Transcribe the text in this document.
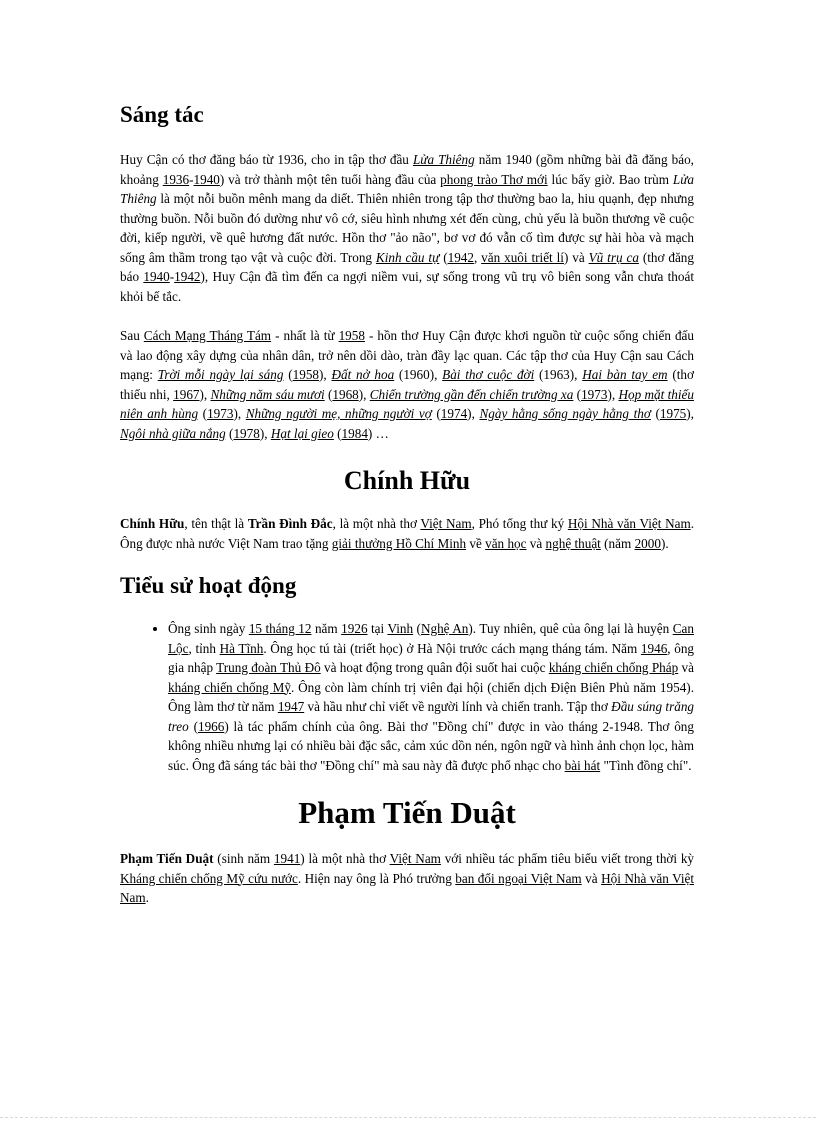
Sáng tác

Huy Cận có thơ đăng báo từ 1936, cho in tập thơ đầu Lửa Thiêng năm 1940 (gồm những bài đã đăng báo, khoảng 1936-1940) và trở thành một tên tuổi hàng đầu của phong trào Thơ mới lúc bấy giờ. Bao trùm Lửa Thiêng là một nỗi buồn mênh mang da diết. Thiên nhiên trong tập thơ thường bao la, hiu quạnh, đẹp nhưng thường buồn. Nỗi buồn đó dường như vô cớ, siêu hình nhưng xét đến cùng, chủ yếu là buồn thương về cuộc đời, kiếp người, về quê hương đất nước. Hồn thơ "ảo não", bơ vơ đó vẫn cố tìm được sự hài hòa và mạch sống âm thầm trong tạo vật và cuộc đời. Trong Kinh cầu tự (1942, văn xuôi triết lí) và Vũ trụ ca (thơ đăng báo 1940-1942), Huy Cận đã tìm đến ca ngợi niềm vui, sự sống trong vũ trụ vô biên song vẫn chưa thoát khỏi bế tắc.

Sau Cách Mạng Tháng Tám - nhất là từ 1958 - hồn thơ Huy Cận được khơi nguồn từ cuộc sống chiến đấu và lao động xây dựng của nhân dân, trở nên dồi dào, tràn đầy lạc quan. Các tập thơ của Huy Cận sau Cách mạng: Trời mỗi ngày lại sáng (1958), Đất nở hoa (1960), Bài thơ cuộc đời (1963), Hai bàn tay em (thơ thiếu nhi, 1967), Những năm sáu mươi (1968), Chiến trường gần đến chiến trường xa (1973), Họp mặt thiếu niên anh hùng (1973), Những người mẹ, những người vợ (1974), Ngày hằng sống ngày hằng thơ (1975), Ngôi nhà giữa nắng (1978), Hạt lại gieo (1984) …

Chính Hữu

Chính Hữu, tên thật là Trần Đình Đắc, là một nhà thơ Việt Nam, Phó tổng thư ký Hội Nhà văn Việt Nam. Ông được nhà nước Việt Nam trao tặng giải thưởng Hồ Chí Minh về văn học và nghệ thuật (năm 2000).

Tiểu sử hoạt động
• Ông sinh ngày 15 tháng 12 năm 1926 tại Vinh (Nghệ An). Tuy nhiên, quê của ông lại là huyện Can Lộc, tỉnh Hà Tĩnh. Ông học tú tài (triết học) ở Hà Nội trước cách mạng tháng tám. Năm 1946, ông gia nhập Trung đoàn Thủ Đô và hoạt động trong quân đội suốt hai cuộc kháng chiến chống Pháp và kháng chiến chống Mỹ. Ông còn làm chính trị viên đại hội (chiến dịch Điện Biên Phủ năm 1954). Ông làm thơ từ năm 1947 và hầu như chỉ viết về người lính và chiến tranh. Tập thơ Đầu súng trăng treo (1966) là tác phẩm chính của ông. Bài thơ "Đồng chí" được in vào tháng 2-1948. Thơ ông không nhiều nhưng lại có nhiều bài đặc sắc, cảm xúc dồn nén, ngôn ngữ và hình ảnh chọn lọc, hàm súc. Ông đã sáng tác bài thơ "Đồng chí" mà sau này đã được phổ nhạc cho bài hát "Tình đồng chí".
Phạm Tiến Duật

Phạm Tiến Duật (sinh năm 1941) là một nhà thơ Việt Nam với nhiều tác phẩm tiêu biểu viết trong thời kỳ Kháng chiến chống Mỹ cứu nước. Hiện nay ông là Phó trưởng ban đối ngoại Việt Nam và Hội Nhà văn Việt Nam.
